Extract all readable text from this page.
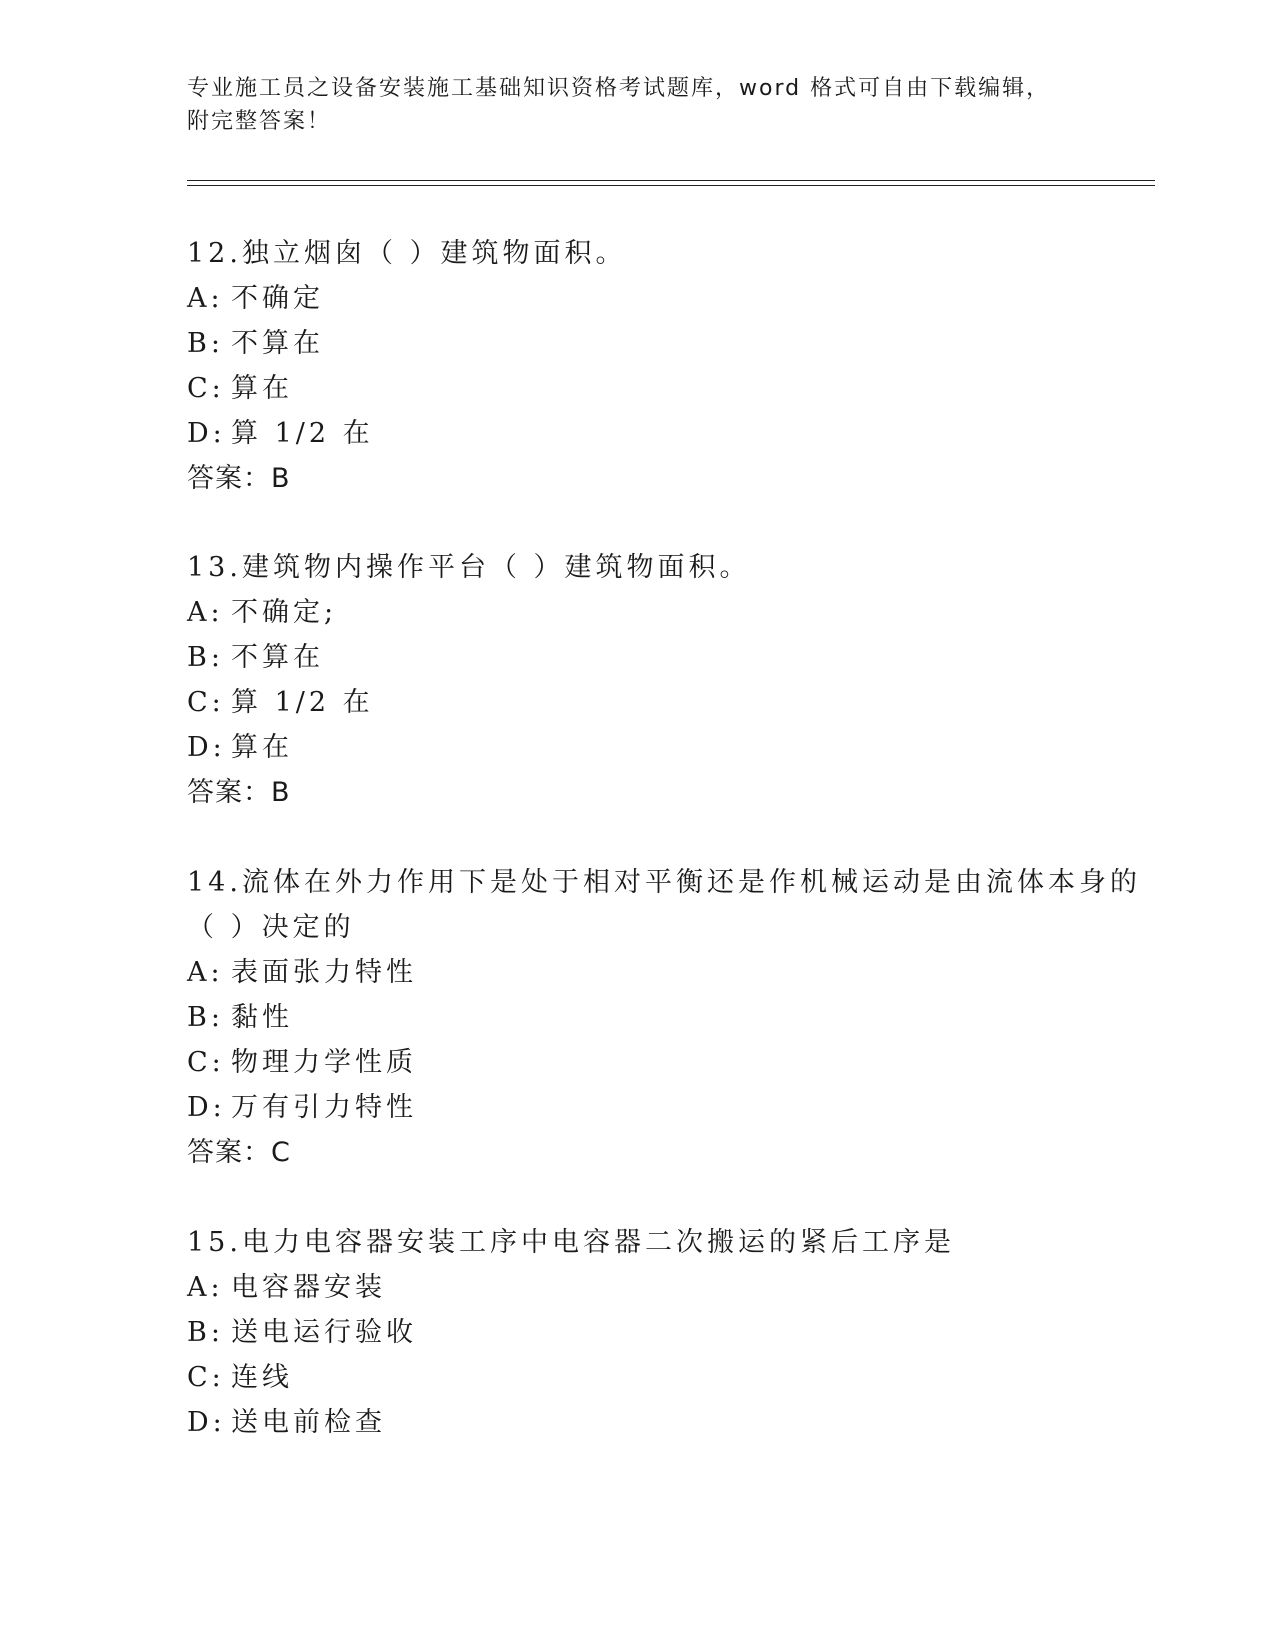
专业施工员之设备安装施工基础知识资格考试题库，word 格式可自由下载编辑，
附完整答案！
12.独立烟囱（ ）建筑物面积。
A: 不确定
B: 不算在
C: 算在
D: 算 1/2 在
答案：B
13.建筑物内操作平台（ ）建筑物面积。
A: 不确定;
B: 不算在
C: 算 1/2 在
D: 算在
答案：B
14.流体在外力作用下是处于相对平衡还是作机械运动是由流体本身的
（ ）决定的
A: 表面张力特性
B: 黏性
C: 物理力学性质
D: 万有引力特性
答案：C
15.电力电容器安装工序中电容器二次搬运的紧后工序是
A: 电容器安装
B: 送电运行验收
C: 连线
D: 送电前检查
